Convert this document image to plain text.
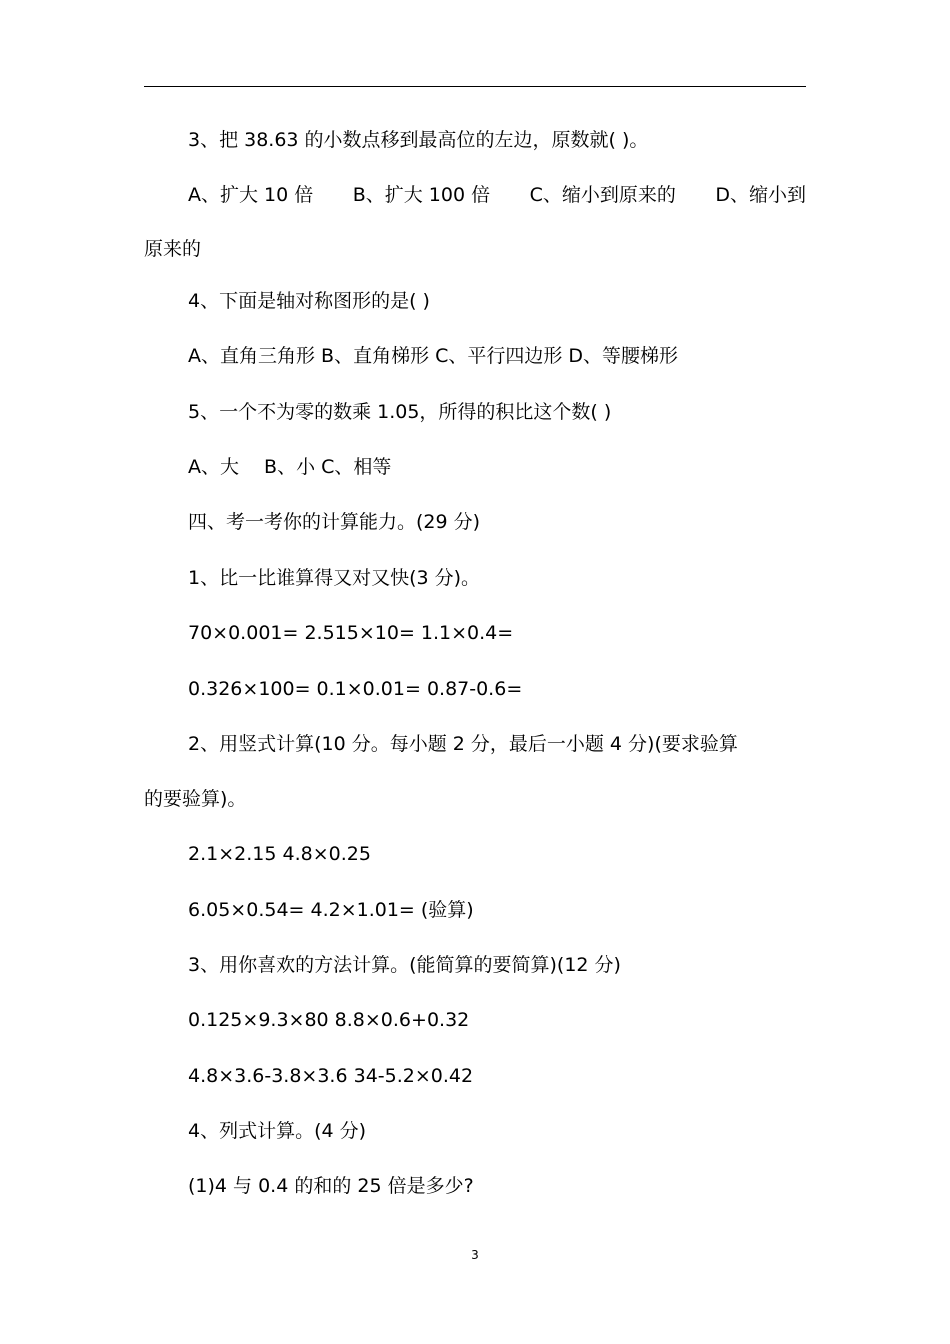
3、把 38.63 的小数点移到最高位的左边，原数就( )。
A、扩大 10 倍 B、扩大 100 倍 C、缩小到原来的 D、缩小到
原来的
4、下面是轴对称图形的是( )
A、直角三角形 B、直角梯形 C、平行四边形 D、等腰梯形
5、一个不为零的数乘 1.05，所得的积比这个数( )
A、大　 B、小 C、相等
四、考一考你的计算能力。(29 分)
1、比一比谁算得又对又快(3 分)。
70×0.001= 2.515×10= 1.1×0.4=
0.326×100= 0.1×0.01= 0.87-0.6=
2、用竖式计算(10 分。每小题 2 分，最后一小题 4 分)(要求验算
的要验算)。
2.1×2.15 4.8×0.25
6.05×0.54= 4.2×1.01= (验算)
3、用你喜欢的方法计算。(能简算的要简算)(12 分)
0.125×9.3×80 8.8×0.6+0.32
4.8×3.6-3.8×3.6 34-5.2×0.42
4、列式计算。(4 分)
(1)4 与 0.4 的和的 25 倍是多少?
3
